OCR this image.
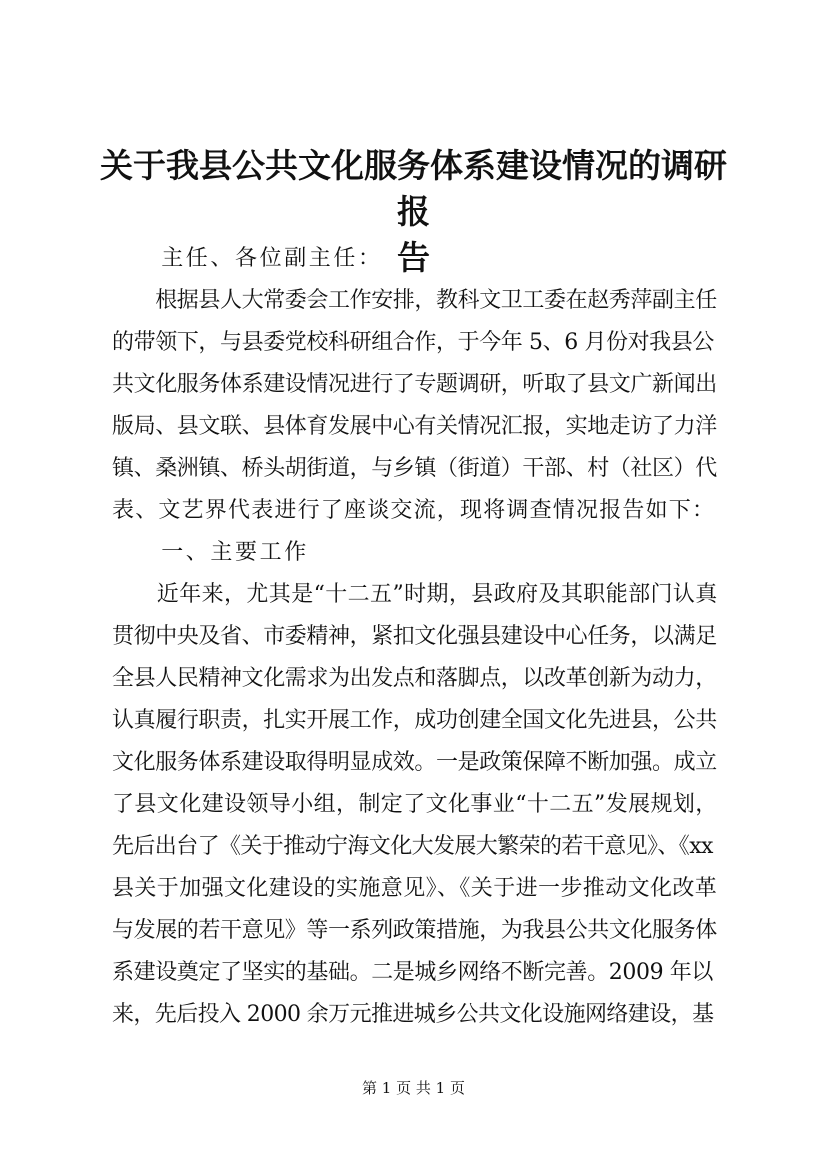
关于我县公共文化服务体系建设情况的调研报
告
　　主任、各位副主任：
　　根据县人大常委会工作安排，教科文卫工委在赵秀萍副主任
的带领下，与县委党校科研组合作，于今年 5、6 月份对我县公
共文化服务体系建设情况进行了专题调研，听取了县文广新闻出
版局、县文联、县体育发展中心有关情况汇报，实地走访了力洋
镇、桑洲镇、桥头胡街道，与乡镇（街道）干部、村（社区）代
表、文艺界代表进行了座谈交流，现将调查情况报告如下：
　　一、主要工作
　　近年来，尤其是“十二五”时期，县政府及其职能部门认真
贯彻中央及省、市委精神，紧扣文化强县建设中心任务，以满足
全县人民精神文化需求为出发点和落脚点，以改革创新为动力，
认真履行职责，扎实开展工作，成功创建全国文化先进县，公共
文化服务体系建设取得明显成效。一是政策保障不断加强。成立
了县文化建设领导小组，制定了文化事业“十二五”发展规划，
先后出台了《关于推动宁海文化大发展大繁荣的若干意见》、《xx
县关于加强文化建设的实施意见》、《关于进一步推动文化改革
与发展的若干意见》等一系列政策措施，为我县公共文化服务体
系建设奠定了坚实的基础。二是城乡网络不断完善。2009 年以
来，先后投入 2000 余万元推进城乡公共文化设施网络建设，基
第 1 页 共 1 页
